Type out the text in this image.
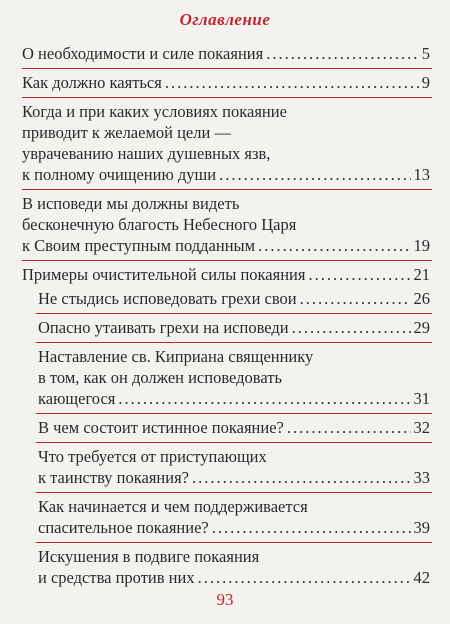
Оглавление
О необходимости и силе покаяния .....	5
Как должно каяться .....	9
Когда и при каких условиях покаяние
приводит к желаемой цели —
уврачеванию наших душевных язв,
к полному очищению души .....	13
В исповеди мы должны видеть
бесконечную благость Небесного Царя
к Своим преступным подданным .....	19
Примеры очистительной силы покаяния .....	21
Не стыдись исповедовать грехи свои .....	26
Опасно утаивать грехи на исповеди .....	29
Наставление св. Киприана священнику
в том, как он должен исповедовать
кающегося .....	31
В чем состоит истинное покаяние? .....	32
Что требуется от приступающих
к таинству покаяния? .....	33
Как начинается и чем поддерживается
спасительное покаяние? .....	39
Искушения в подвиге покаяния
и средства против них .....	42
93
